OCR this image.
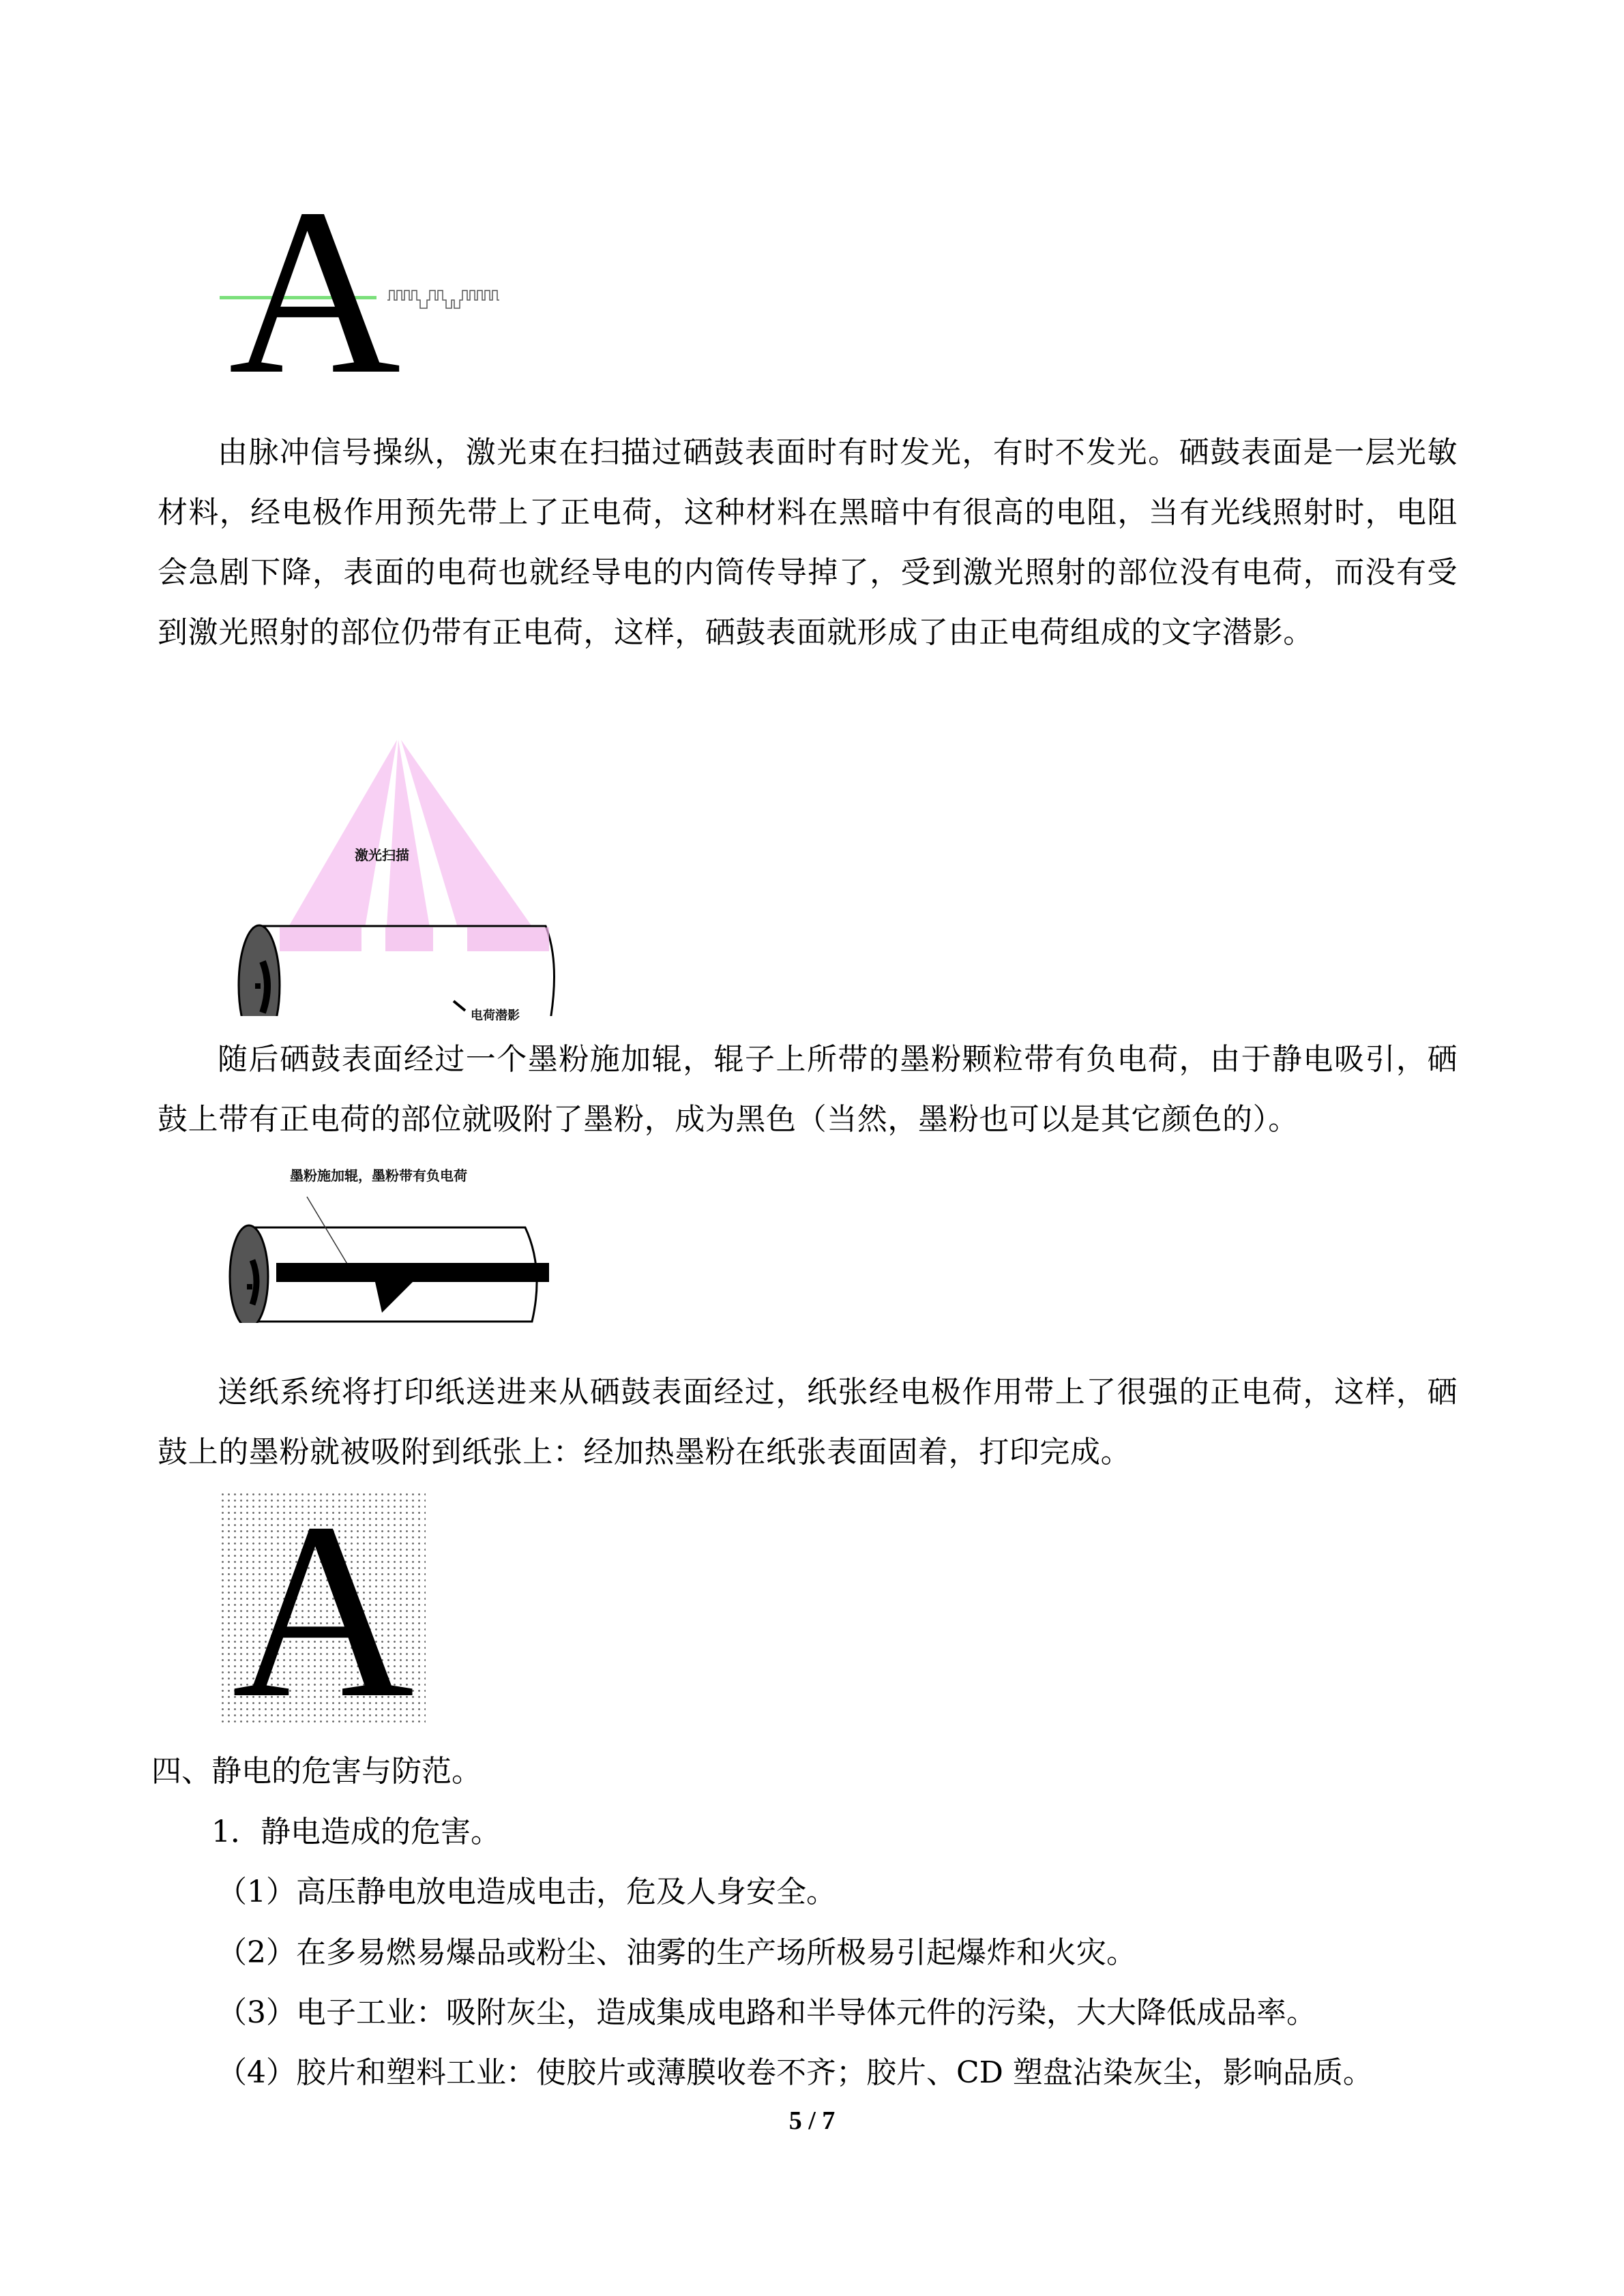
A

由脉冲信号操纵，激光束在扫描过硒鼓表面时有时发光，有时不发光。硒鼓表面是一层光敏材料，经电极作用预先带上了正电荷，这种材料在黑暗中有很高的电阻，当有光线照射时，电阻会急剧下降，表面的电荷也就经导电的内筒传导掉了，受到激光照射的部位没有电荷，而没有受到激光照射的部位仍带有正电荷，这样，硒鼓表面就形成了由正电荷组成的文字潜影。

激光扫描
电荷潜影

随后硒鼓表面经过一个墨粉施加辊，辊子上所带的墨粉颗粒带有负电荷，由于静电吸引，硒鼓上带有正电荷的部位就吸附了墨粉，成为黑色（当然，墨粉也可以是其它颜色的）。

墨粉施加辊，墨粉带有负电荷

送纸系统将打印纸送进来从硒鼓表面经过，纸张经电极作用带上了很强的正电荷，这样，硒鼓上的墨粉就被吸附到纸张上：经加热墨粉在纸张表面固着，打印完成。

A

四、静电的危害与防范。

1．静电造成的危害。

（1）高压静电放电造成电击，危及人身安全。

（2）在多易燃易爆品或粉尘、油雾的生产场所极易引起爆炸和火灾。

（3）电子工业：吸附灰尘，造成集成电路和半导体元件的污染，大大降低成品率。

（4）胶片和塑料工业：使胶片或薄膜收卷不齐；胶片、CD 塑盘沾染灰尘，影响品质。

5 / 7
